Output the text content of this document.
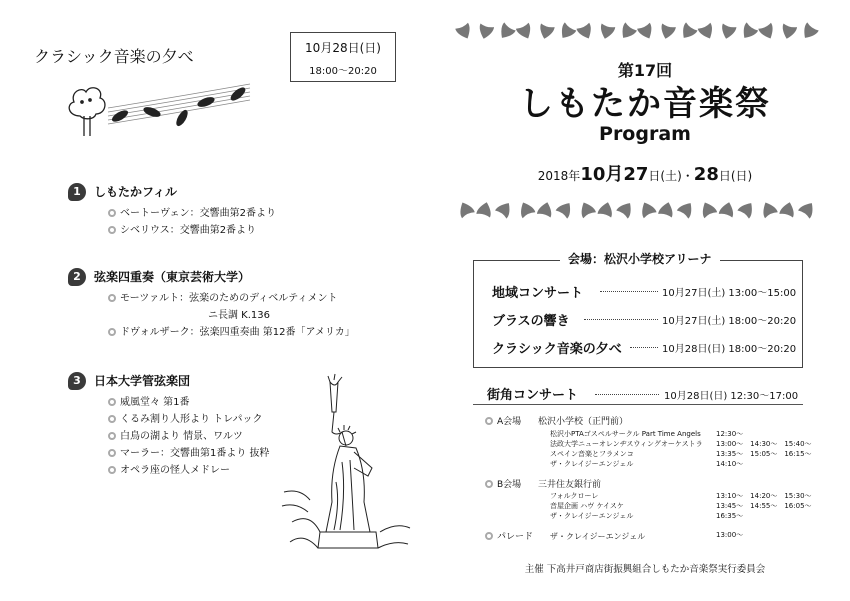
クラシック音楽の夕べ	10月28日(日)
18:00〜20:20
1 しもたかフィル
ベートーヴェン：交響曲第2番より
シベリウス：交響曲第2番より
2 弦楽四重奏（東京芸術大学）
モーツァルト：弦楽のためのディベルティメント
ニ長調 K.136
ドヴォルザーク：弦楽四重奏曲 第12番「アメリカ」
3 日本大学管弦楽団
威風堂々 第1番
くるみ割り人形より トレパック
白鳥の湖より 情景、ワルツ
マーラー：交響曲第1番より 抜粋
オペラ座の怪人メドレー
第17回
しもたか音楽祭
Program
2018年10月27日(土)・28日(日)
会場：松沢小学校アリーナ
地域コンサート	10月27日(土) 13:00〜15:00
ブラスの響き	10月27日(土) 18:00〜20:20
クラシック音楽の夕べ	10月28日(日) 18:00〜20:20
街角コンサート	10月28日(日) 12:30〜17:00
A会場 松沢小学校（正門前）
松沢小PTAゴスペルサークル Part Time Angels 12:30〜
法政大学ニューオレンヂスウィングオーケストラ 13:00〜　14:30〜　15:40〜
スペイン音楽とフラメンコ	13:35〜　15:05〜　16:15〜
ザ・クレイジーエンジェル	14:10〜
B会場 三井住友銀行前
フォルクローレ	13:10〜　14:20〜　15:30〜
音屋企画 ハヴ ケイスケ	13:45〜　14:55〜　16:05〜
ザ・クレイジーエンジェル	16:35〜
パレード ザ・クレイジーエンジェル	13:00〜
主催 下高井戸商店街振興組合しもたか音楽祭実行委員会
